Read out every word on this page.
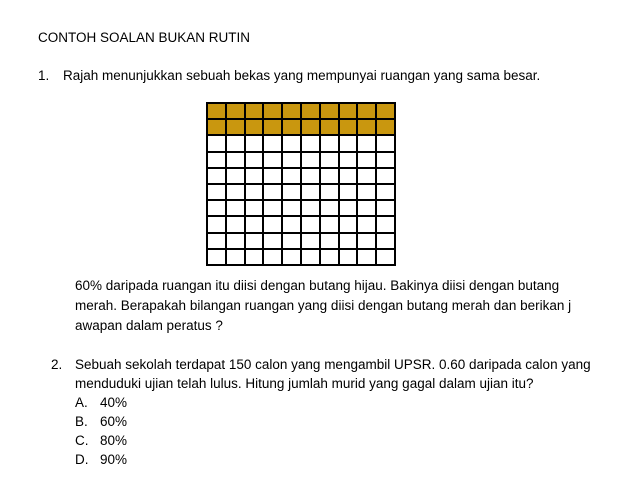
CONTOH SOALAN BUKAN RUTIN
1. Rajah menunjukkan sebuah bekas yang mempunyai ruangan yang sama besar.
60% daripada ruangan itu diisi dengan butang hijau. Bakinya diisi dengan butang
merah. Berapakah bilangan ruangan yang diisi dengan butang merah dan berikan j
awapan dalam peratus ?
2. Sebuah sekolah terdapat 150 calon yang mengambil UPSR. 0.60 daripada calon yang
menduduki ujian telah lulus. Hitung jumlah murid yang gagal dalam ujian itu?
A. 40%
B. 60%
C. 80%
D. 90%
